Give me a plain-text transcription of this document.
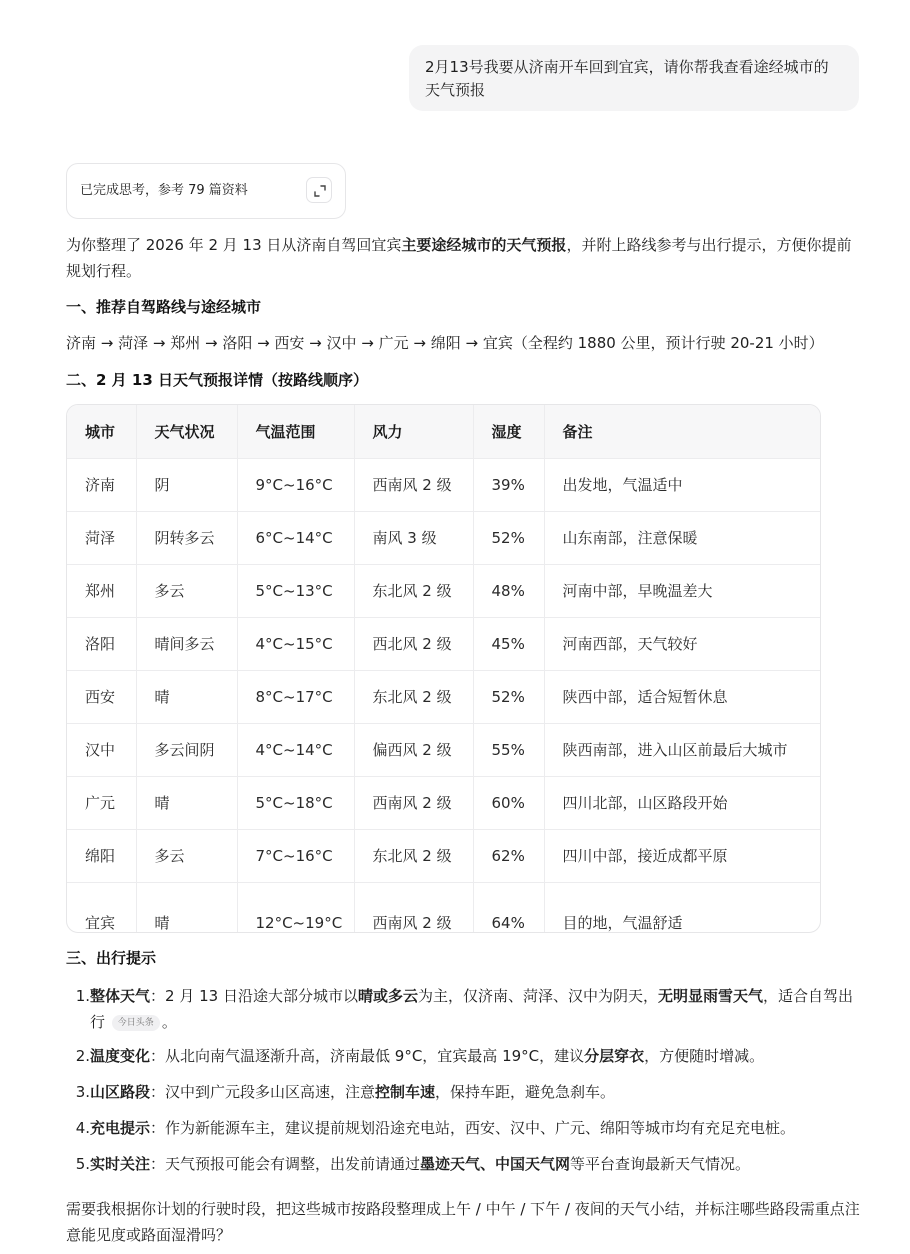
2月13号我要从济南开车回到宜宾，请你帮我查看途经城市的天气预报
已完成思考，参考 79 篇资料
为你整理了 2026 年 2 月 13 日从济南自驾回宜宾主要途经城市的天气预报，并附上路线参考与出行提示，方便你提前规划行程。
一、推荐自驾路线与途经城市
济南 → 菏泽 → 郑州 → 洛阳 → 西安 → 汉中 → 广元 → 绵阳 → 宜宾（全程约 1880 公里，预计行驶 20-21 小时）
二、2 月 13 日天气预报详情（按路线顺序）
城市	天气状况	气温范围	风力	湿度	备注
济南	阴	9°C~16°C	西南风 2 级	39%	出发地，气温适中
菏泽	阴转多云	6°C~14°C	南风 3 级	52%	山东南部，注意保暖
郑州	多云	5°C~13°C	东北风 2 级	48%	河南中部，早晚温差大
洛阳	晴间多云	4°C~15°C	西北风 2 级	45%	河南西部，天气较好
西安	晴	8°C~17°C	东北风 2 级	52%	陕西中部，适合短暂休息
汉中	多云间阴	4°C~14°C	偏西风 2 级	55%	陕西南部，进入山区前最后大城市
广元	晴	5°C~18°C	西南风 2 级	60%	四川北部，山区路段开始
绵阳	多云	7°C~16°C	东北风 2 级	62%	四川中部，接近成都平原
宜宾	晴	12°C~19°C	西南风 2 级	64%	目的地，气温舒适
三、出行提示
1. 整体天气：2 月 13 日沿途大部分城市以晴或多云为主，仅济南、菏泽、汉中为阴天，无明显雨雪天气，适合自驾出行 今日头条 。
2. 温度变化：从北向南气温逐渐升高，济南最低 9°C，宜宾最高 19°C，建议分层穿衣，方便随时增减。
3. 山区路段：汉中到广元段多山区高速，注意控制车速，保持车距，避免急刹车。
4. 充电提示：作为新能源车主，建议提前规划沿途充电站，西安、汉中、广元、绵阳等城市均有充足充电桩。
5. 实时关注：天气预报可能会有调整，出发前请通过墨迹天气、中国天气网等平台查询最新天气情况。
需要我根据你计划的行驶时段，把这些城市按路段整理成上午 / 中午 / 下午 / 夜间的天气小结，并标注哪些路段需重点注意能见度或路面湿滑吗？
